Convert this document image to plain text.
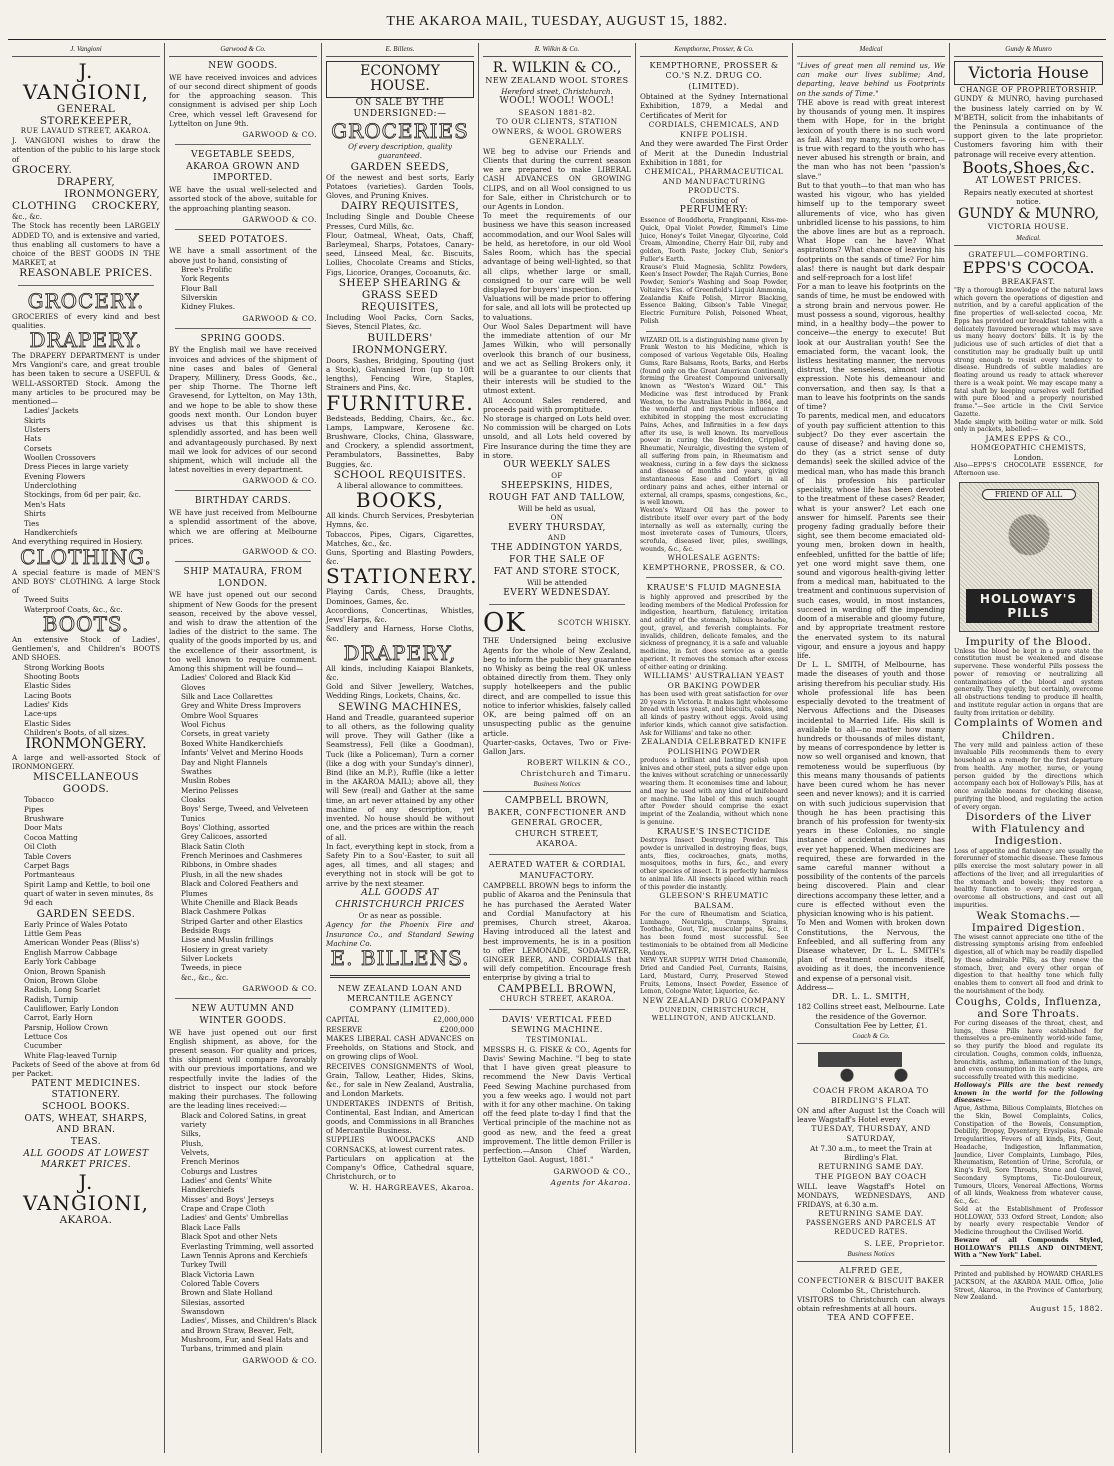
THE AKAROA MAIL, TUESDAY, AUGUST 15, 1882.
J. Vangioni
J. VANGIONI,
GENERAL STOREKEEPER,
RUE LAVAUD STREET, AKAROA.
J. VANGIONI wishes to draw the attention of the public to his large stock of
GROCERY.
DRAPERY,
IRONMONGERY,
CLOTHING CROCKERY,
&c., &c.
The Stock has recently been LARGELY ADDED TO, and is extensive and varied, thus enabling all customers to have a choice of the BEST GOODS IN THE MARKET, at
REASONABLE PRICES.
GROCERY.
GROCERIES of every kind and best qualities.
DRAPERY.
The DRAPERY DEPARTMENT is under Mrs Vangioni's care, and great trouble has been taken to secure a USEFUL & WELL-ASSORTED Stock. Among the many articles to be procured may be mentioned—
Ladies' Jackets
Skirts
Ulsters
Hats
Corsets
Woollen Crossovers
Dress Pieces in large variety
Evening Flowers
Underclothing
Stockings, from 6d per pair, &c.
Men's Hats
Shirts
Ties
Handkerchiefs
And everything required in Hosiery.
CLOTHING.
A special feature is made of MEN'S AND BOYS' CLOTHING. A large Stock of
Tweed Suits
Waterproof Coats, &c., &c.
BOOTS.
An extensive Stock of Ladies', Gentlemen's, and Children's BOOTS AND SHOES.
Strong Working Boots
Shooting Boots
Elastic Sides
Lacing Boots
Ladies' Kids
Lace-ups
Elastic Sides
Children's Boots, of all sizes.
IRONMONGERY.
A large and well-assorted Stock of IRONMONGERY.
MISCELLANEOUS GOODS.
Tobacco
Pipes
Brushware
Door Mats
Cocoa Matting
Oil Cloth
Table Covers
Carpet Bags
Portmanteaus
Spirit Lamp and Kettle, to boil one quart of water in seven minutes, 8s 9d each
GARDEN SEEDS.
Early Prince of Wales Potato
Little Gem Peas
American Wonder Peas (Bliss's)
English Marrow Cabbage
Early York Cabbage
Onion, Brown Spanish
Onion, Brown Globe
Radish, Long Scarlet
Radish, Turnip
Cauliflower, Early London
Carrot, Early Horn
Parsnip, Hollow Crown
Lettuce Cos
Cucumber
White Flag-leaved Turnip
Packets of Seed of the above at from 6d per Packet.
PATENT MEDICINES.
STATIONERY.
SCHOOL BOOKS.
OATS, WHEAT, SHARPS, AND BRAN.
TEAS.
ALL GOODS AT LOWEST MARKET PRICES.
J. VANGIONI,
AKAROA.
Garwood & Co.
NEW GOODS.
WE have received invoices and advices of our second direct shipment of goods for the approaching season. This consignment is advised per ship Loch Cree, which vessel left Gravesend for Lyttelton on June 9th.
GARWOOD & CO.
VEGETABLE SEEDS, AKAROA GROWN AND IMPORTED.
WE have the usual well-selected and assorted stock of the above, suitable for the approaching planting season.
GARWOOD & CO.
SEED POTATOES.
WE have a small assortment of the above just to hand, consisting of
Bree's Prolific
York Regents
Flour Ball
Silverskin
Kidney Flukes.
GARWOOD & CO.
SPRING GOODS.
BY the English mail we have received invoices and advices of the shipment of nine cases and bales of General Drapery, Millinery, Dress Goods, &c., per ship Thorne. The Thorne left Gravesend, for Lyttelton, on May 13th, and we hope to be able to show these goods next month. Our London buyer advises us that this shipment is splendidly assorted, and has been well and advantageously purchased. By next mail we look for advices of our second shipment, which will include all the latest novelties in every department.
GARWOOD & CO.
BIRTHDAY CARDS.
WE have just received from Melbourne a splendid assortment of the above, which we are offering at Melbourne prices.
GARWOOD & CO.
SHIP MATAURA, FROM LONDON.
WE have just opened out our second shipment of New Goods for the present season, received by the above vessel, and wish to draw the attention of the ladies of the district to the same. The quality of the goods imported by us, and the excellence of their assortment, is too well known to require comment. Among this shipment will be found—
Ladies' Colored and Black Kid Gloves
Silk and Lace Collarettes
Grey and White Dress Improvers
Ombre Wool Squares
Wool Fichus
Corsets, in great variety
Boxed White Handkerchiefs
Infants' Velvet and Merino Hoods
Day and Night Flannels
Swathes
Muslin Robes
Merino Pelisses
Cloaks
Boys' Serge, Tweed, and Velveteen Tunics
Boys' Clothing, assorted
Grey Calicoes, assorted
Black Satin Cloth
French Merinoes and Cashmeres
Ribbons, in Ombre shades
Plush, in all the new shades
Black and Colored Feathers and Plumes
White Chenille and Black Beads
Black Cashmere Polkas
Striped Garter and other Elastics
Bedside Rugs
Lisse and Muslin frillings
Hosiery in great variety
Silver Lockets
Tweeds, in piece
&c., &c., &c.
GARWOOD & CO.
NEW AUTUMN AND WINTER GOODS.
WE have just opened out our first English shipment, as above, for the present season. For quality and prices, this shipment will compare favorably with our previous importations, and we respectfully invite the ladies of the district to inspect our stock before making their purchases. The following are the leading lines received:—
Black and Colored Satins, in great variety
Silks,
Plush,
Velvets,
French Merinos
Coburgs and Lustres
Ladies' and Gents' White Handkerchiefs
Misses' and Boys' Jerseys
Crape and Crape Cloth
Ladies' and Gents' Umbrellas
Black Lace Falls
Black Spot and other Nets
Everlasting Trimming, well assorted
Lawn Tennis Aprons and Kerchiefs
Turkey Twill
Black Victoria Lawn
Colored Table Covers
Brown and Slate Holland
Silesias, assorted
Swansdown
Ladies', Misses, and Children's Black and Brown Straw, Beaver, Felt, Mushroom, Fur, and Seal Hats and Turbans, trimmed and plain
GARWOOD & CO.
E. Billens.
ECONOMY HOUSE.
ON SALE BY THE UNDERSIGNED:—
GROCERIES
Of every description, quality guaranteed.
GARDEN SEEDS,
Of the newest and best sorts, Early Potatoes (varieties). Garden Tools, Gloves, and Pruning Knives.
DAIRY REQUISITES,
Including Single and Double Cheese Presses, Curd Mills, &c.
Flour, Oatmeal, Wheat, Oats, Chaff, Barleymeal, Sharps, Potatoes, Canary-seed, Linseed Meal, &c. Biscuits, Lollies, Chocolate Creams and Sticks, Figs, Licorice, Oranges, Cocoanuts, &c.
SHEEP SHEARING & GRASS SEED REQUISITES,
Including Wool Packs, Corn Sacks, Sieves, Stencil Plates, &c.
BUILDERS' IRONMONGERY.
Doors, Sashes, Bridging, Spouting (just a Stock), Galvanised Iron (up to 10ft lengths), Fencing Wire, Staples, Strainers and Pins, &c.
FURNITURE.
Bedsteads, Bedding, Chairs, &c., &c. Lamps, Lampware, Kerosene &c. Brushware, Clocks, China, Glassware, and Crockery, a splendid assortment, Perambulators, Bassinettes, Baby Buggies, &c.
SCHOOL REQUISITES.
A liberal allowance to committees.
BOOKS,
All kinds. Church Services, Presbyterian Hymns, &c.
Tobaccos, Pipes, Cigars, Cigarettes, Matches, &c., &c.
Guns, Sporting and Blasting Powders, &c.
STATIONERY.
Playing Cards, Chess, Draughts, Dominoes, Games, &c.
Accordions, Concertinas, Whistles, Jews' Harps, &c.
Saddlery and Harness, Horse Cloths, &c.
DRAPERY,
All kinds, including Kaiapoi Blankets, &c.
Gold and Silver Jewellery, Watches, Wedding Rings, Lockets, Chains, &c.
SEWING MACHINES,
Hand and Treadle, guaranteed superior to all others, as the following quality will prove. They will Gather (like a Seamstress), Fell (like a Goodman), Tuck (like a Policeman), Turn a corner (like a dog with your Sunday's dinner), Bind (like an M.P.), Ruffle (like a letter in the AKAROA MAIL); above all, they will Sew (real) and Gather at the same time, an art never attained by any other machine of any description, yet invented. No house should be without one, and the prices are within the reach of all.
In fact, everything kept in stock, from a Safety Pin to a Sou'-Easter, to suit all ages, all times, and all stages; and everything not in stock will be got to arrive by the next steamer.
ALL GOODS AT CHRISTCHURCH PRICES
Or as near as possible.
Agency for the Phoenix Fire and Insurance Co., and Standard Sewing Machine Co.
E. BILLENS.
NEW ZEALAND LOAN AND MERCANTILE AGENCY COMPANY (LIMITED).
CAPITAL	£2,000,000
RESERVE	£200,000
MAKES LIBERAL CASH ADVANCES on Freeholds, on Stations and Stock, and on growing clips of Wool.
RECEIVES CONSIGNMENTS of Wool, Grain, Tallow, Leather, Hides, Skins, &c., for sale in New Zealand, Australia, and London Markets.
UNDERTAKES INDENTS of British, Continental, East Indian, and American goods, and Commissions in all Branches of Mercantile Business.
SUPPLIES WOOLPACKS AND CORNSACKS, at lowest current rates.
Particulars on application at the Company's Office, Cathedral square, Christchurch, or to
W. H. HARGREAVES, Akaroa.
R. Wilkin & Co.
R. WILKIN & CO.,
NEW ZEALAND WOOL STORES
Hereford street, Christchurch.
WOOL! WOOL! WOOL!
SEASON 1881-82.
TO OUR CLIENTS, STATION OWNERS, & WOOL GROWERS GENERALLY.
WE beg to advise our Friends and Clients that during the current season we are prepared to make LIBERAL CASH ADVANCES ON GROWING CLIPS, and on all Wool consigned to us for Sale, either in Christchurch or to our Agents in London.
To meet the requirements of our business we have this season increased accommodation, and our Wool Sales will be held, as heretofore, in our old Wool Sales Room, which has the special advantage of being well-lighted, so that all clips, whether large or small, consigned to our care will be well displayed for buyers' inspection.
Valuations will be made prior to offering for sale, and all lots will be protected up to valuations.
Our Wool Sales Department will have the immediate attention of our Mr James Wilkin, who will personally overlook this branch of our business, and we act as Selling Brokers only, it will be a guarantee to our clients that their interests will be studied to the utmost extent.
All Account Sales rendered, and proceeds paid with promptitude.
No storage is charged on Lots held over. No commission will be charged on Lots unsold, and all Lots held covered by Fire Insurance during the time they are in store.
OUR WEEKLY SALES
OF
SHEEPSKINS, HIDES, ROUGH FAT AND TALLOW,
Will be held as usual,
ON
EVERY THURSDAY,
AND
THE ADDINGTON YARDS, FOR THE SALE OF
FAT AND STORE STOCK,
Will be attended
EVERY WEDNESDAY.
OK	SCOTCH WHISKY.
THE Undersigned being exclusive Agents for the whole of New Zealand, beg to inform the public they guarantee no Whisky as being the real OK unless obtained directly from them. They only supply hotelkeepers and the public direct, and are compelled to issue this notice to inferior whiskies, falsely called OK, are being palmed off on an unsuspecting public as the genuine article.
Quarter-casks, Octaves, Two or Five-Gallon Jars.
ROBERT WILKIN & CO.,
Christchurch and Timaru.
Business Notices
CAMPBELL BROWN,
BAKER, CONFECTIONER AND GENERAL GROCER,
CHURCH STREET,
AKAROA.
AERATED WATER & CORDIAL MANUFACTORY.
CAMPBELL BROWN begs to inform the public of Akaroa and the Peninsula that he has purchased the Aerated Water and Cordial Manufactory at his premises, Church street, Akaroa. Having introduced all the latest and best improvements, he is in a position to offer LEMONADE, SODA-WATER, GINGER BEER, AND CORDIALS that will defy competition. Encourage fresh enterprise by giving a trial to
CAMPBELL BROWN,
CHURCH STREET, AKAROA.
DAVIS' VERTICAL FEED SEWING MACHINE.
TESTIMONIAL.
MESSRS H. G. FISKE & CO., Agents for Davis' Sewing Machine. "I beg to state that I have given great pleasure to recommend the New Davis Vertical Feed Sewing Machine purchased from you a few weeks ago. I would not part with it for any other machine. On taking off the feed plate to-day I find that the Vertical principle of the machine not as good as new, and the feed a great improvement. The little demon Friller is perfection.—Anson Chief Warden, Lyttelton Gaol. August, 1881."
GARWOOD & CO.,
Agents for Akaroa.
Kempthorne, Prosser, & Co.
KEMPTHORNE, PROSSER & CO.'S N.Z. DRUG CO. (LIMITED).
Obtained at the Sydney International Exhibition, 1879, a Medal and Certificates of Merit for
CORDIALS, CHEMICALS, AND KNIFE POLISH.
And they were awarded The First Order of Merit at the Dunedin Industrial Exhibition in 1881, for
CHEMICAL, PHARMACEUTICAL AND MANUFACTURING PRODUCTS.
Consisting of
PERFUMERY:
Essence of Bouddhoria, Frangipanni, Kiss-me-Quick, Opal Violet Powder, Rimmel's Lime Juice, Honey's Toilet Vinegar, Glycerine, Cold Cream, Almondine, Cherry Hair Oil, ruby and golden, Tooth Paste, Jockey Club, Senior's Fuller's Earth.
Krause's Fluid Magnesia, Schlitz Powders, Keen's Insect Powder, The Rajah Curries, Bone Powder, Senior's Washing and Soap Powder, Voltaire's Ess. of Greenfield's Liquid Ammonia, Zealandia Knife Polish, Mirror Blacking, Essence Baking, Gibson's Table Vinegar, Electric Furniture Polish, Poisoned Wheat, Polish
WIZARD OIL is a distinguishing name given by Frank Weston to his Medicine, which is composed of various Vegetable Oils, Healing Gums, Rare Balsams, Roots, Barks, and Herbs (found only on the Great American Continent), forming the Greatest Compound universally known as "Weston's Wizard Oil." This Medicine was first introduced by Frank Weston, to the Australian Public in 1864, and the wonderful and mysterious influence it exhibited in stopping the most excruciating Pains, Aches, and Infirmities in a few days after its use, is well known. Its marvellous power in curing the Bedridden, Crippled, Rheumatic, Neuralgic, divesting the system of all suffering from pain, in Rheumatism and weakness, curing in a few days the sickness and disease of months and years, giving instantaneous Ease and Comfort in all ordinary pains and aches, either internal or external, all cramps, spasms, congestions, &c., is well known.
Weston's Wizard Oil has the power to distribute itself over every part of the body internally as well as externally, curing the most inveterate cases of Tumours, Ulcers, scrofula, diseased liver, piles, swellings, wounds, &c., &c.
WHOLESALE AGENTS:
KEMPTHORNE, PROSSER, & CO.
KRAUSE'S FLUID MAGNESIA
is highly approved and prescribed by the leading members of the Medical Profession for indigestion, heartburn, flatulency, irritation and acidity of the stomach, bilious headache, gout, gravel, and feverish complaints. For invalids, children, delicate females, and the sickness of pregnancy, it is a safe and valuable medicine, in fact does service as a gentle aperient. It removes the stomach after excess of either eating or drinking.
WILLIAMS' AUSTRALIAN YEAST OR BAKING POWDER
has been used with great satisfaction for over 20 years in Victoria. It makes light wholesome bread with less yeast, and biscuits, cakes, and all kinds of pastry without eggs. Avoid using inferior kinds, which cannot give satisfaction. Ask for Williams' and take no other.
ZEALANDIA CELEBRATED KNIFE POLISHING POWDER
produces a brilliant and lasting polish upon knives and other steel, puts a silver edge upon the knives without scratching or unnecessarily wearing them. It economises time and labour, and may be used with any kind of knifeboard or machine. The label of this much sought after Powder should comprise the exact imprint of the Zealandia, without which none is genuine.
KRAUSE'S INSECTICIDE
Destroys Insect Destroying Powder. This powder is unrivalled in destroying fleas, bugs, ants, flies, cockroaches, gnats, moths, mosquitoes, moths in furs, &c., and every other species of insect. It is perfectly harmless to animal life. All insects placed within reach of this powder die instantly.
GLEESON'S RHEUMATIC BALSAM.
For the cure of Rheumatism and Sciatica, Lumbago, Neuralgia, Cramps, Sprains, Toothache, Gout, Tic, muscular pains, &c., it has been found most successful. See testimonials to be obtained from all Medicine Vendors.
NEW YEAR SUPPLY WITH Dried Chamomile, Dried and Candied Peel, Currants, Raisins, Lard, Mustard, Curry, Preserved Stewed Fruits, Lemons, Insect Powder, Essence of Lemon, Cologne Water, Liquorice, &c.
NEW ZEALAND DRUG COMPANY
DUNEDIN, CHRISTCHURCH, WELLINGTON, AND AUCKLAND.
Medical
"Lives of great men all remind us, We can make our lives sublime; And, departing, leave behind us Footprints on the sands of Time."
THE above is read with great interest by thousands of young men. It inspires them with Hope, for in the bright lexicon of youth there is no such word as fail. Alas! my many, this is correct,—is true with regard to the youth who has never abused his strength or brain, and the man who has not been "passion's slave."
But to that youth—to that man who has wasted his vigour, who has yielded himself up to the temporary sweet allurements of vice, who has given unbridled license to his passions, to him the above lines are but as a reproach. What Hope can he have? What aspirations? What chance of leaving his footprints on the sands of time? For him alas! there is naught but dark despair and self-reproach for a lost life!
For a man to leave his footprints on the sands of time, he must be endowed with a strong brain and nervous power. He must possess a sound, vigorous, healthy mind, in a healthy body—the power to conceive—the energy to execute! But look at our Australian youth! See the emaciated form, the vacant look, the listless hesitating manner, the nervous distrust, the senseless, almost idiotic expression. Note his demeanour and conversation, and then say, Is that a man to leave his footprints on the sands of time?
To parents, medical men, and educators of youth pay sufficient attention to this subject? Do they ever ascertain the cause of disease? and having done so, do they (as a strict sense of duty demands) seek the skilled advice of the medical man, who has made this branch of his profession his particular speciality, whose life has been devoted to the treatment of these cases? Reader, what is your answer? Let each one answer for himself. Parents see their progeny fading gradually before their sight, see them become emaciated old-young men, broken down in health, enfeebled, unfitted for the battle of life; yet one word might save them, one sound and vigorous health-giving letter from a medical man, habituated to the treatment and continuous supervision of such cases, would, in most instances, succeed in warding off the impending doom of a miserable and gloomy future, and by appropriate treatment restore the enervated system to its natural vigour, and ensure a joyous and happy life.
Dr L. L. SMITH, of Melbourne, has made the diseases of youth and those arising therefrom his peculiar study. His whole professional life has been especially devoted to the treatment of Nervous Affections and the Diseases incidental to Married Life. His skill is available to all—no matter how many hundreds or thousands of miles distant, by means of correspondence by letter is now so well organised and known, that remoteness would be superfluous (by this means many thousands of patients have been cured whom he has never seen and never knows); and it is carried on with such judicious supervision that though he has been practising this branch of his profession for twenty-six years in these Colonies, no single instance of accidental discovery has ever yet happened. When medicines are required, these are forwarded in the same careful manner without a possibility of the contents of the parcels being discovered. Plain and clear directions accompany these letter, and a cure is effected without even the physician knowing who is his patient.
To Men and Women with broken down Constitutions, the Nervous, the Enfeebled, and all suffering from any Disease whatever, Dr L. L. SMITH's plan of treatment commends itself, avoiding as it does, the inconvenience and expense of a personal visit.
Address—
DR. L. L. SMITH,
182 Collins street east, Melbourne. Late the residence of the Governor.
Consultation Fee by Letter, £1.
Coach & Co.
COACH FROM AKAROA TO BIRDLING'S FLAT.
ON and after August 1st the Coach will leave Wagstaff's Hotel every
TUESDAY, THURSDAY, AND SATURDAY,
At 7.30 a.m., to meet the Train at Birdling's Flat.
RETURNING SAME DAY.
THE PIGEON BAY COACH
WILL leave Wagstaff's Hotel on MONDAYS, WEDNESDAYS, AND FRIDAYS, at 6.30 a.m.
RETURNING SAME DAY.
PASSENGERS AND PARCELS AT REDUCED RATES.
S. LEE, Proprietor.
Business Notices
ALFRED GEE,
CONFECTIONER & BISCUIT BAKER
Colombo St., Christchurch.
VISITORS to Christchurch can always obtain refreshments at all hours.
TEA AND COFFEE.
Gundy & Munro
Victoria House
CHANGE OF PROPRIETORSHIP.
GUNDY & MUNRO, having purchased the business lately carried on by W. M'BETH, solicit from the inhabitants of the Peninsula a continuance of the support given to the late proprietor. Customers favoring him with their patronage will receive every attention.
Boots,Shoes,&c.
AT LOWEST PRICES.
Repairs neatly executed at shortest notice.
GUNDY & MUNRO,
VICTORIA HOUSE.
Medical.
GRATEFUL—COMFORTING.
EPPS'S COCOA.
BREAKFAST.
"By a thorough knowledge of the natural laws which govern the operations of digestion and nutrition, and by a careful application of the fine properties of well-selected cocoa, Mr. Epps has provided our breakfast tables with a delicately flavoured beverage which may save us many heavy doctors' bills. It is by the judicious use of such articles of diet that a constitution may be gradually built up until strong enough to resist every tendency to disease. Hundreds of subtle maladies are floating around us ready to attack wherever there is a weak point. We may escape many a fatal shaft by keeping ourselves well fortified with pure blood and a properly nourished frame."—See article in the Civil Service Gazette.
Made simply with boiling water or milk. Sold only in packets, labelled:—
JAMES EPPS & CO.,
HOMŒOPATHIC CHEMISTS,
London.
Also—EPPS'S CHOCOLATE ESSENCE, for Afternoon use.
FRIEND OF ALL
HOLLOWAY'S PILLS
Impurity of the Blood.
Unless the blood be kept in a pure state the constitution must be weakened and disease supervene. These wonderful Pills possess the power of removing or neutralizing all contaminations of the blood and system generally. They quietly, but certainly, overcome all obstructions tending to produce ill health, and institute regular action in organs that are faulty from irritation or debility.
Complaints of Women and Children.
The very mild and painless action of these invaluable Pills recommends them to every household as a remedy for the first departure from health. Any mother, nurse, or young person guided by the directions which accompany each box of Holloway's Pills, has at once available means for checking disease, purifying the blood, and regulating the action of every organ.
Disorders of the Liver with Flatulency and Indigestion.
Loss of appetite and flatulency are usually the forerunner of stomachic disease. These famous pills exercise the most salutary power in all affections of the liver, and all irregularities of the stomach and bowels; they restore a healthy function to every impaired organ, overcome all obstructions, and cast out all impurities.
Weak Stomachs.—Impaired Digestion.
The wisest cannot appreciate one tithe of the distressing symptoms arising from enfeebled digestion, all of which may be readily dispelled by these admirable Pills, as they renew the stomach, liver, and every other organ of digestion to that healthy tone which fully enables them to convert all food and drink to the nourishment of the body.
Coughs, Colds, Influenza, and Sore Throats.
For curing diseases of the throat, chest, and lungs, these Pills have established for themselves a pre-eminently world-wide fame, so they purify the blood and regulate its circulation. Coughs, common colds, influenza, bronchitis, asthma, inflammation of the lungs, and even consumption in its early stages, are successfully treated with this medicine.
Holloway's Pills are the best remedy known in the world for the following diseases:—
Ague, Asthma, Bilious Complaints, Blotches on the Skin, Bowel Complaints, Colics, Constipation of the Bowels, Consumption, Debility, Dropsy, Dysentery, Erysipelas, Female Irregularities, Fevers of all kinds, Fits, Gout, Headache, Indigestion, Inflammation, Jaundice, Liver Complaints, Lumbago, Piles, Rheumatism, Retention of Urine, Scrofula, or King's Evil, Sore Throats, Stone and Gravel, Secondary Symptoms, Tic-Douloureux, Tumours, Ulcers, Venereal Affections, Worms of all kinds, Weakness from whatever cause, &c., &c.
Sold at the Establishment of Professor HOLLOWAY, 533 Oxford Street, London; also by nearly every respectable Vendor of Medicine throughout the Civilised World.
Beware of all Compounds Styled, HOLLOWAY'S PILLS AND OINTMENT, With a "New York" Label.
Printed and published by HOWARD CHARLES JACKSON, at the AKAROA MAIL Office, Jolie Street, Akaroa, in the Province of Canterbury, New Zealand.
August 15, 1882.
